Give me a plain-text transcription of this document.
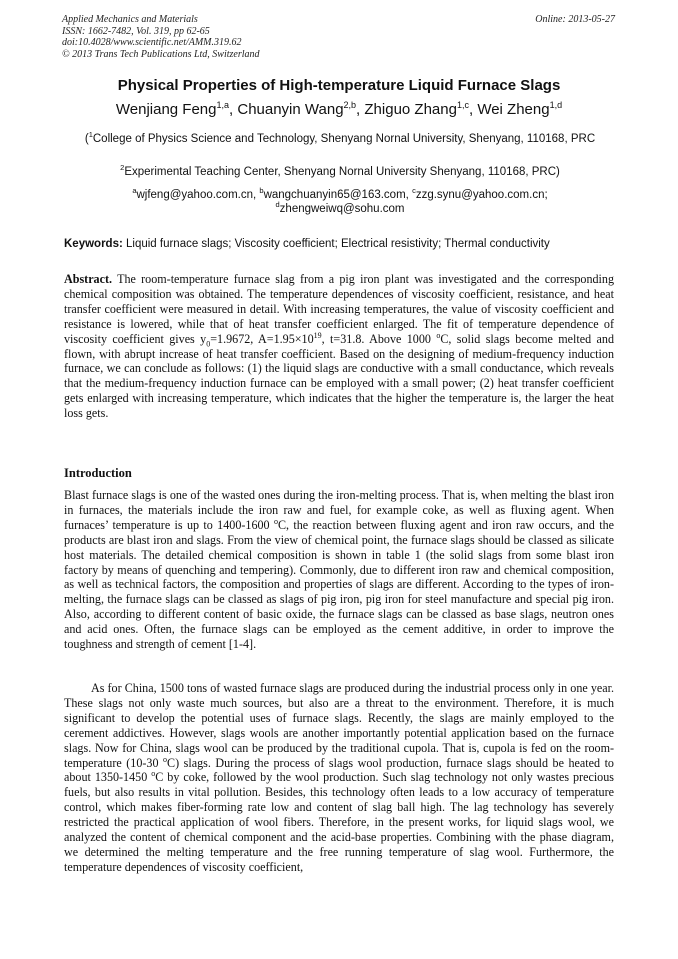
Applied Mechanics and Materials
ISSN: 1662-7482, Vol. 319, pp 62-65
doi:10.4028/www.scientific.net/AMM.319.62
© 2013 Trans Tech Publications Ltd, Switzerland
Online: 2013-05-27
Physical Properties of High-temperature Liquid Furnace Slags
Wenjiang Feng$^{1,a}$, Chuanyin Wang$^{2,b}$, Zhiguo Zhang$^{1,c}$, Wei Zheng$^{1,d}$
($^1$College of Physics Science and Technology, Shenyang Nornal University, Shenyang, 110168, PRC
$^2$Experimental Teaching Center, Shenyang Nornal University Shenyang, 110168, PRC)
$^a$wjfeng@yahoo.com.cn, $^b$wangchuanyin65@163.com, $^c$zzg.synu@yahoo.com.cn;
$^d$zhengweiwq@sohu.com
Keywords: Liquid furnace slags; Viscosity coefficient; Electrical resistivity; Thermal conductivity
Abstract. The room-temperature furnace slag from a pig iron plant was investigated and the corresponding chemical composition was obtained. The temperature dependences of viscosity coefficient, resistance, and heat transfer coefficient were measured in detail. With increasing temperatures, the value of viscosity coefficient and resistance is lowered, while that of heat transfer coefficient enlarged. The fit of temperature dependence of viscosity coefficient gives $y_0=1.9672$, $A=1.95\times 10^{19}$, t=31.8. Above 1000 $^o$C, solid slags become melted and flown, with abrupt increase of heat transfer coefficient. Based on the designing of medium-frequency induction furnace, we can conclude as follows: (1) the liquid slags are conductive with a small conductance, which reveals that the medium-frequency induction furnace can be employed with a small power; (2) heat transfer coefficient gets enlarged with increasing temperature, which indicates that the higher the temperature is, the larger the heat loss gets.
Introduction
Blast furnace slags is one of the wasted ones during the iron-melting process. That is, when melting the blast iron in furnaces, the materials include the iron raw and fuel, for example coke, as well as fluxing agent. When furnaces’ temperature is up to 1400-1600 $^o$C, the reaction between fluxing agent and iron raw occurs, and the products are blast iron and slags. From the view of chemical point, the furnace slags should be classed as silicate host materials. The detailed chemical composition is shown in table 1 (the solid slags from some blast iron factory by means of quenching and tempering). Commonly, due to different iron raw and chemical composition, as well as technical factors, the composition and properties of slags are different. According to the types of iron-melting, the furnace slags can be classed as slags of pig iron, pig iron for steel manufacture and special pig iron. Also, according to different content of basic oxide, the furnace slags can be classed as base slags, neutron ones and acid ones. Often, the furnace slags can be employed as the cement additive, in order to improve the toughness and strength of cement [1-4].
As for China, 1500 tons of wasted furnace slags are produced during the industrial process only in one year. These slags not only waste much sources, but also are a threat to the environment. Therefore, it is much significant to develop the potential uses of furnace slags. Recently, the slags are mainly employed to the cerement addictives. However, slags wools are another importantly potential application based on the furnace slags. Now for China, slags wool can be produced by the traditional cupola. That is, cupola is fed on the room-temperature (10-30 $^o$C) slags. During the process of slags wool production, furnace slags should be heated to about 1350-1450 $^o$C by coke, followed by the wool production. Such slag technology not only wastes precious fuels, but also results in vital pollution. Besides, this technology often leads to a low accuracy of temperature control, which makes fiber-forming rate low and content of slag ball high. The lag technology has severely restricted the practical application of wool fibers. Therefore, in the present works, for liquid slags wool, we analyzed the content of chemical component and the acid-base properties. Combining with the phase diagram, we determined the melting temperature and the free running temperature of slag wool. Furthermore, the temperature dependences of viscosity coefficient,
